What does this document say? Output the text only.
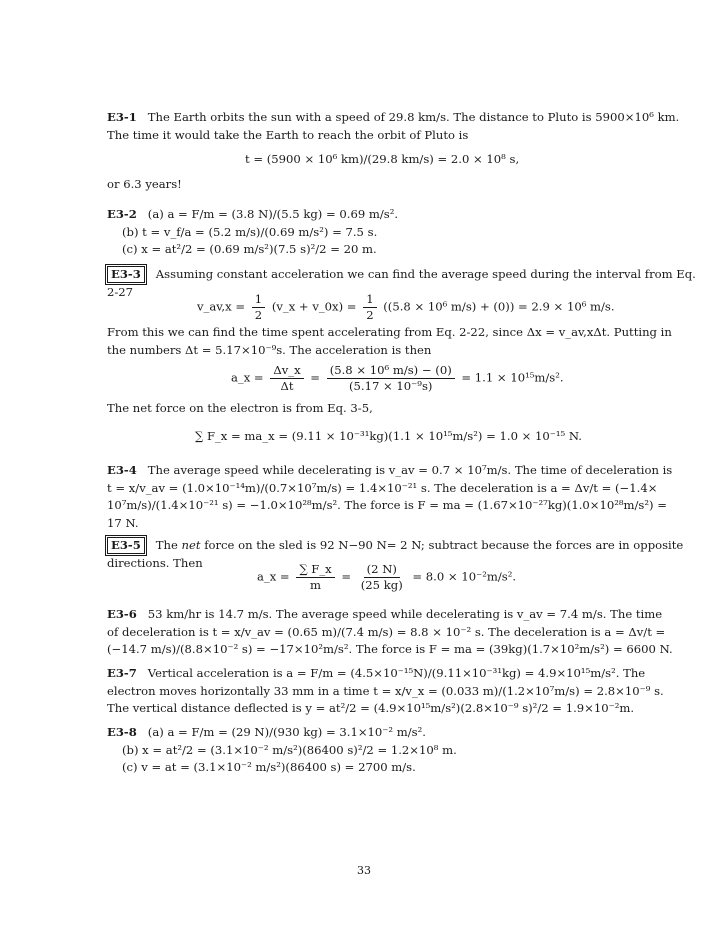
E3-1 The Earth orbits the sun with a speed of 29.8 km/s. The distance to Pluto is 5900×10⁶ km.
The time it would take the Earth to reach the orbit of Pluto is
t = (5900 × 10⁶ km)/(29.8 km/s) = 2.0 × 10⁸ s,
or 6.3 years!
E3-2 (a) a = F/m = (3.8 N)/(5.5 kg) = 0.69 m/s².
(b) t = v_f/a = (5.2 m/s)/(0.69 m/s²) = 7.5 s.
(c) x = at²/2 = (0.69 m/s²)(7.5 s)²/2 = 20 m.
E3-3 Assuming constant acceleration we can find the average speed during the interval from Eq.
2-27
v_av,x = $\frac{1}{2}$ (v_x + v_0x) = $\frac{1}{2} ((5.8 \times 10^6$ m/s) + (0)) = 2.9 × 10⁶ m/s.
From this we can find the time spent accelerating from Eq. 2-22, since Δx = v_av,xΔt. Putting in
the numbers Δt = 5.17×10⁻⁹s. The acceleration is then
a_x = $\frac{\Delta v\_x}{\Delta t} = \frac{\text{(5.8 × 10⁶ m/s) − (0)}}{\text{(5.17 × 10⁻⁹s)}} = 1.1 \times 10^{15}m/s^2$.
The net force on the electron is from Eq. 3-5,
∑ F_x = ma_x = (9.11 × 10⁻³¹kg)(1.1 × 10¹⁵m/s²) = 1.0 × 10⁻¹⁵ N.
E3-4 The average speed while decelerating is v_av = 0.7 × 10⁷m/s. The time of deceleration is
t = x/v_av = (1.0×10⁻¹⁴m)/(0.7×10⁷m/s) = 1.4×10⁻²¹ s. The deceleration is a = Δv/t = (−1.4×
10⁷m/s)/(1.4×10⁻²¹ s) = −1.0×10²⁸m/s². The force is F = ma = (1.67×10⁻²⁷kg)(1.0×10²⁸m/s²) =
17 N.
E3-5 The net force on the sled is 92 N−90 N= 2 N; subtract because the forces are in opposite
directions. Then
a_x = $\frac{\sum F\_x}{m} = \frac{(2 N)}{(25 kg)} = 8.0 \times 10^{-2}m/s^2$.
E3-6 53 km/hr is 14.7 m/s. The average speed while decelerating is v_av = 7.4 m/s. The time
of deceleration is t = x/v_av = (0.65 m)/(7.4 m/s) = 8.8 × 10⁻² s. The deceleration is a = Δv/t =
(−14.7 m/s)/(8.8×10⁻² s) = −17×10²m/s². The force is F = ma = (39kg)(1.7×10²m/s²) = 6600 N.
E3-7 Vertical acceleration is a = F/m = (4.5×10⁻¹⁵N)/(9.11×10⁻³¹kg) = 4.9×10¹⁵m/s². The
electron moves horizontally 33 mm in a time t = x/v_x = (0.033 m)/(1.2×10⁷m/s) = 2.8×10⁻⁹ s.
The vertical distance deflected is y = at²/2 = (4.9×10¹⁵m/s²)(2.8×10⁻⁹ s)²/2 = 1.9×10⁻²m.
E3-8 (a) a = F/m = (29 N)/(930 kg) = 3.1×10⁻² m/s².
(b) x = at²/2 = (3.1×10⁻² m/s²)(86400 s)²/2 = 1.2×10⁸ m.
(c) v = at = (3.1×10⁻² m/s²)(86400 s) = 2700 m/s.
33
